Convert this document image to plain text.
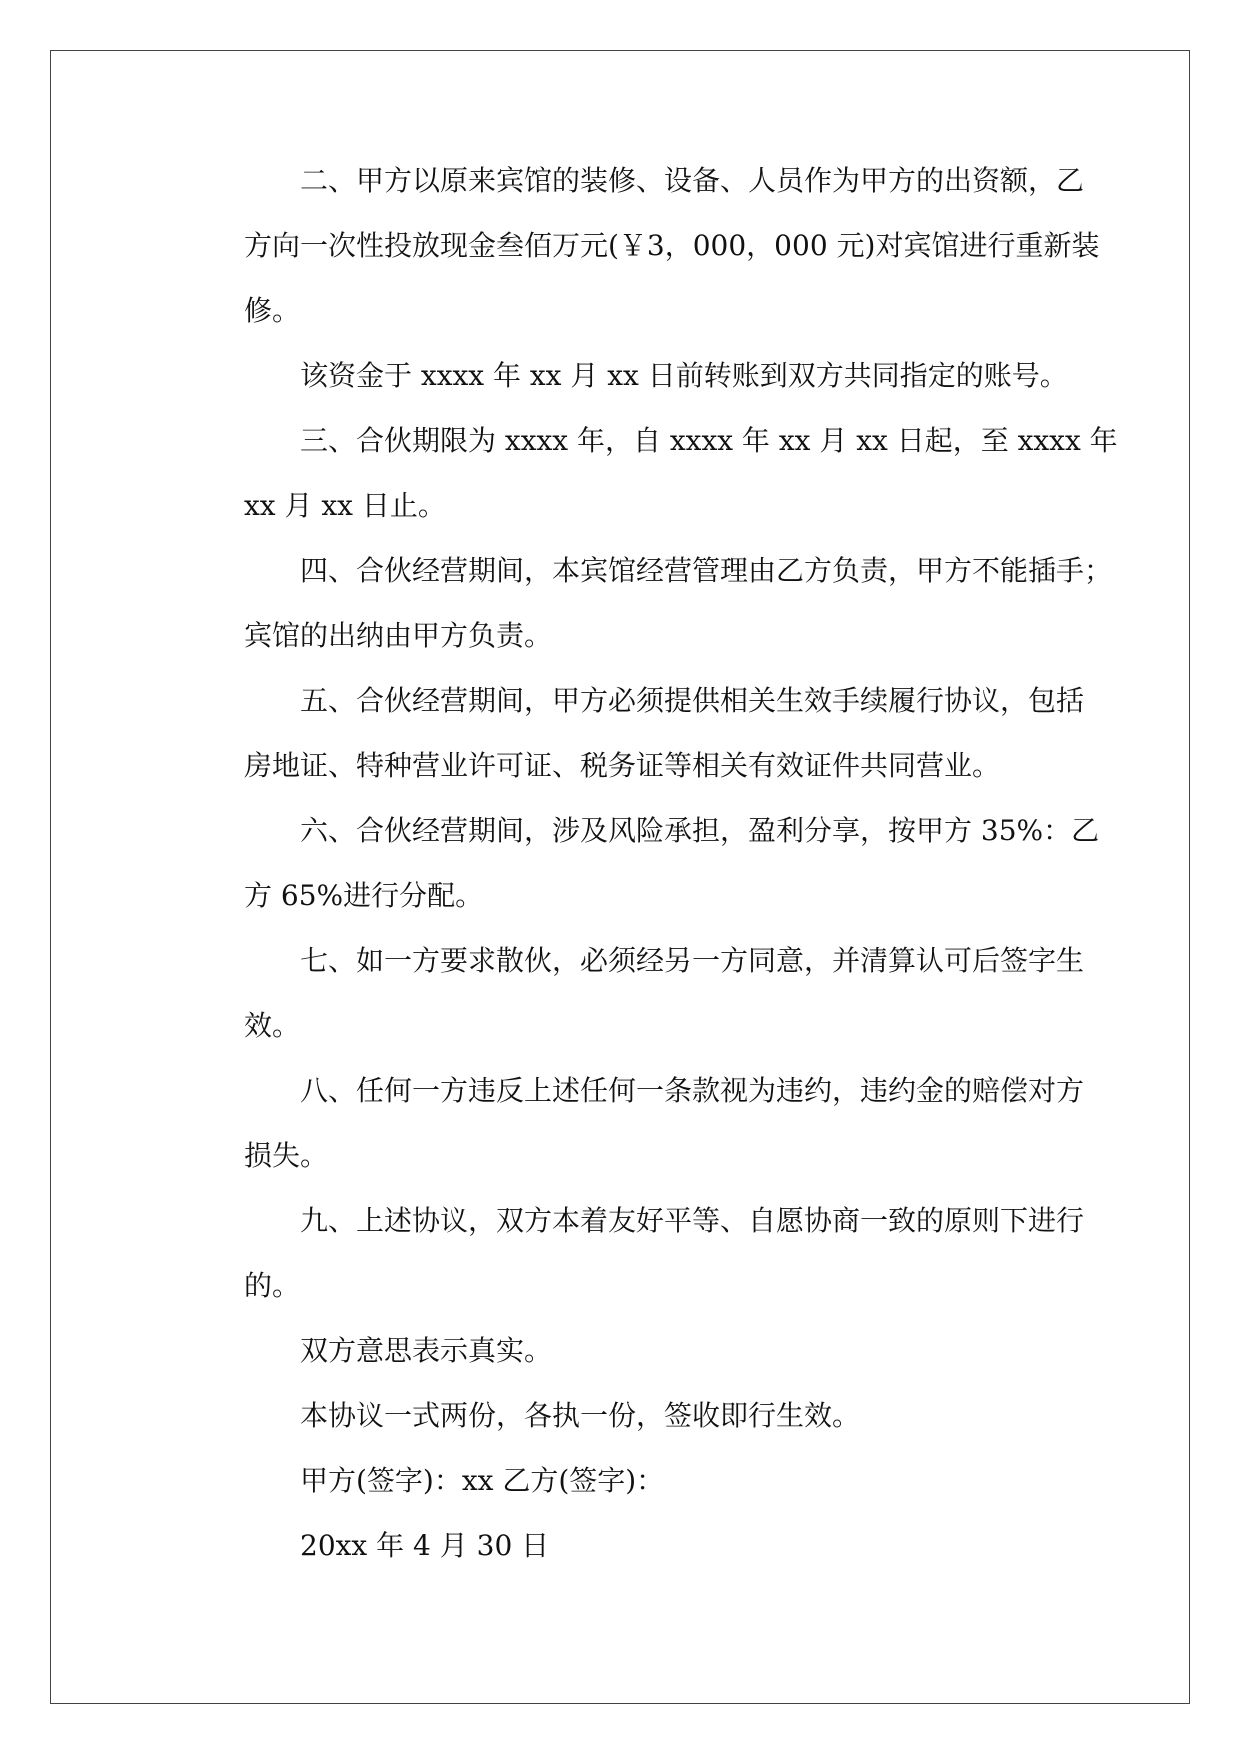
二、甲方以原来宾馆的装修、设备、人员作为甲方的出资额，乙
方向一次性投放现金叁佰万元(￥3，000，000 元)对宾馆进行重新装
修。
该资金于 xxxx 年 xx 月 xx 日前转账到双方共同指定的账号。
三、合伙期限为 xxxx 年，自 xxxx 年 xx 月 xx 日起，至 xxxx 年
xx 月 xx 日止。
四、合伙经营期间，本宾馆经营管理由乙方负责，甲方不能插手；
宾馆的出纳由甲方负责。
五、合伙经营期间，甲方必须提供相关生效手续履行协议，包括
房地证、特种营业许可证、税务证等相关有效证件共同营业。
六、合伙经营期间，涉及风险承担，盈利分享，按甲方 35%：乙
方 65%进行分配。
七、如一方要求散伙，必须经另一方同意，并清算认可后签字生
效。
八、任何一方违反上述任何一条款视为违约，违约金的赔偿对方
损失。
九、上述协议，双方本着友好平等、自愿协商一致的原则下进行
的。
双方意思表示真实。
本协议一式两份，各执一份，签收即行生效。
甲方(签字)：xx 乙方(签字)：
20xx 年 4 月 30 日
